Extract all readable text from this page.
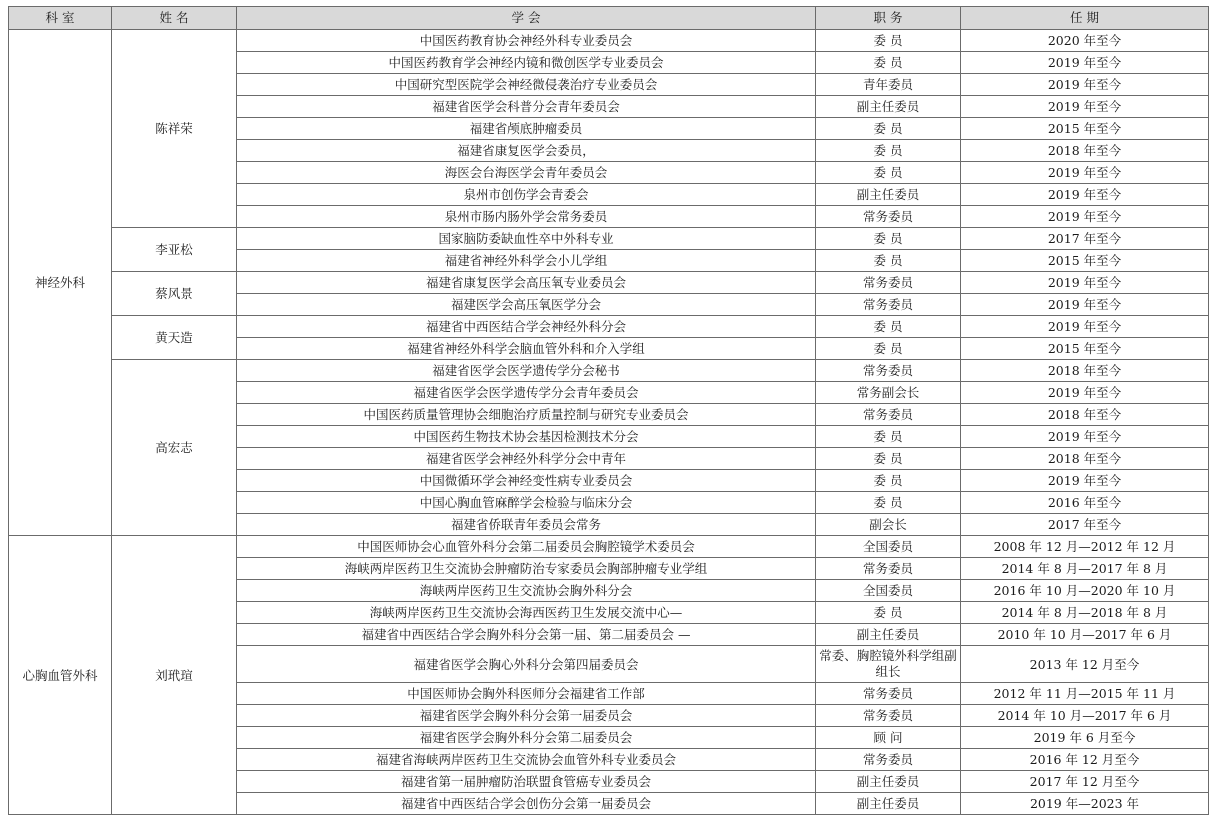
科 室	姓 名	学 会	职 务	任 期
神经外科	陈祥荣	中国医药教育协会神经外科专业委员会	委 员	2020 年至今
		中国医药教育学会神经内镜和微创医学专业委员会	委 员	2019 年至今
		中国研究型医院学会神经微侵袭治疗专业委员会	青年委员	2019 年至今
		福建省医学会科普分会青年委员会	副主任委员	2019 年至今
		福建省颅底肿瘤委员	委 员	2015 年至今
		福建省康复医学会委员，	委 员	2018 年至今
		海医会台海医学会青年委员会	委 员	2019 年至今
		泉州市创伤学会青委会	副主任委员	2019 年至今
		泉州市肠内肠外学会常务委员	常务委员	2019 年至今
	李亚松	国家脑防委缺血性卒中外科专业	委 员	2017 年至今
		福建省神经外科学会小儿学组	委 员	2015 年至今
	蔡风景	福建省康复医学会高压氧专业委员会	常务委员	2019 年至今
		福建医学会高压氧医学分会	常务委员	2019 年至今
	黄天造	福建省中西医结合学会神经外科分会	委 员	2019 年至今
		福建省神经外科学会脑血管外科和介入学组	委 员	2015 年至今
	高宏志	福建省医学会医学遗传学分会秘书	常务委员	2018 年至今
		福建省医学会医学遗传学分会青年委员会	常务副会长	2019 年至今
		中国医药质量管理协会细胞治疗质量控制与研究专业委员会	常务委员	2018 年至今
		中国医药生物技术协会基因检测技术分会	委 员	2019 年至今
		福建省医学会神经外科学分会中青年	委 员	2018 年至今
		中国微循环学会神经变性病专业委员会	委 员	2019 年至今
		中国心胸血管麻醉学会检验与临床分会	委 员	2016 年至今
		福建省侨联青年委员会常务	副会长	2017 年至今
心胸血管外科	刘玳瑄	中国医师协会心血管外科分会第二届委员会胸腔镜学术委员会	全国委员	2008 年 12 月—2012 年 12 月
		海峡两岸医药卫生交流协会肿瘤防治专家委员会胸部肿瘤专业学组	常务委员	2014 年 8 月—2017 年 8 月
		海峡两岸医药卫生交流协会胸外科分会	全国委员	2016 年 10 月—2020 年 10 月
		海峡两岸医药卫生交流协会海西医药卫生发展交流中心—	委 员	2014 年 8 月—2018 年 8 月
		福建省中西医结合学会胸外科分会第一届、第二届委员会 —	副主任委员	2010 年 10 月—2017 年 6 月
		福建省医学会胸心外科分会第四届委员会	常委、胸腔镜外科学组副组长	2013 年 12 月至今
		中国医师协会胸外科医师分会福建省工作部	常务委员	2012 年 11 月—2015 年 11 月
		福建省医学会胸外科分会第一届委员会	常务委员	2014 年 10 月—2017 年 6 月
		福建省医学会胸外科分会第二届委员会	顾 问	2019 年 6 月至今
		福建省海峡两岸医药卫生交流协会血管外科专业委员会	常务委员	2016 年 12 月至今
		福建省第一届肿瘤防治联盟食管癌专业委员会	副主任委员	2017 年 12 月至今
		福建省中西医结合学会创伤分会第一届委员会	副主任委员	2019 年—2023 年
